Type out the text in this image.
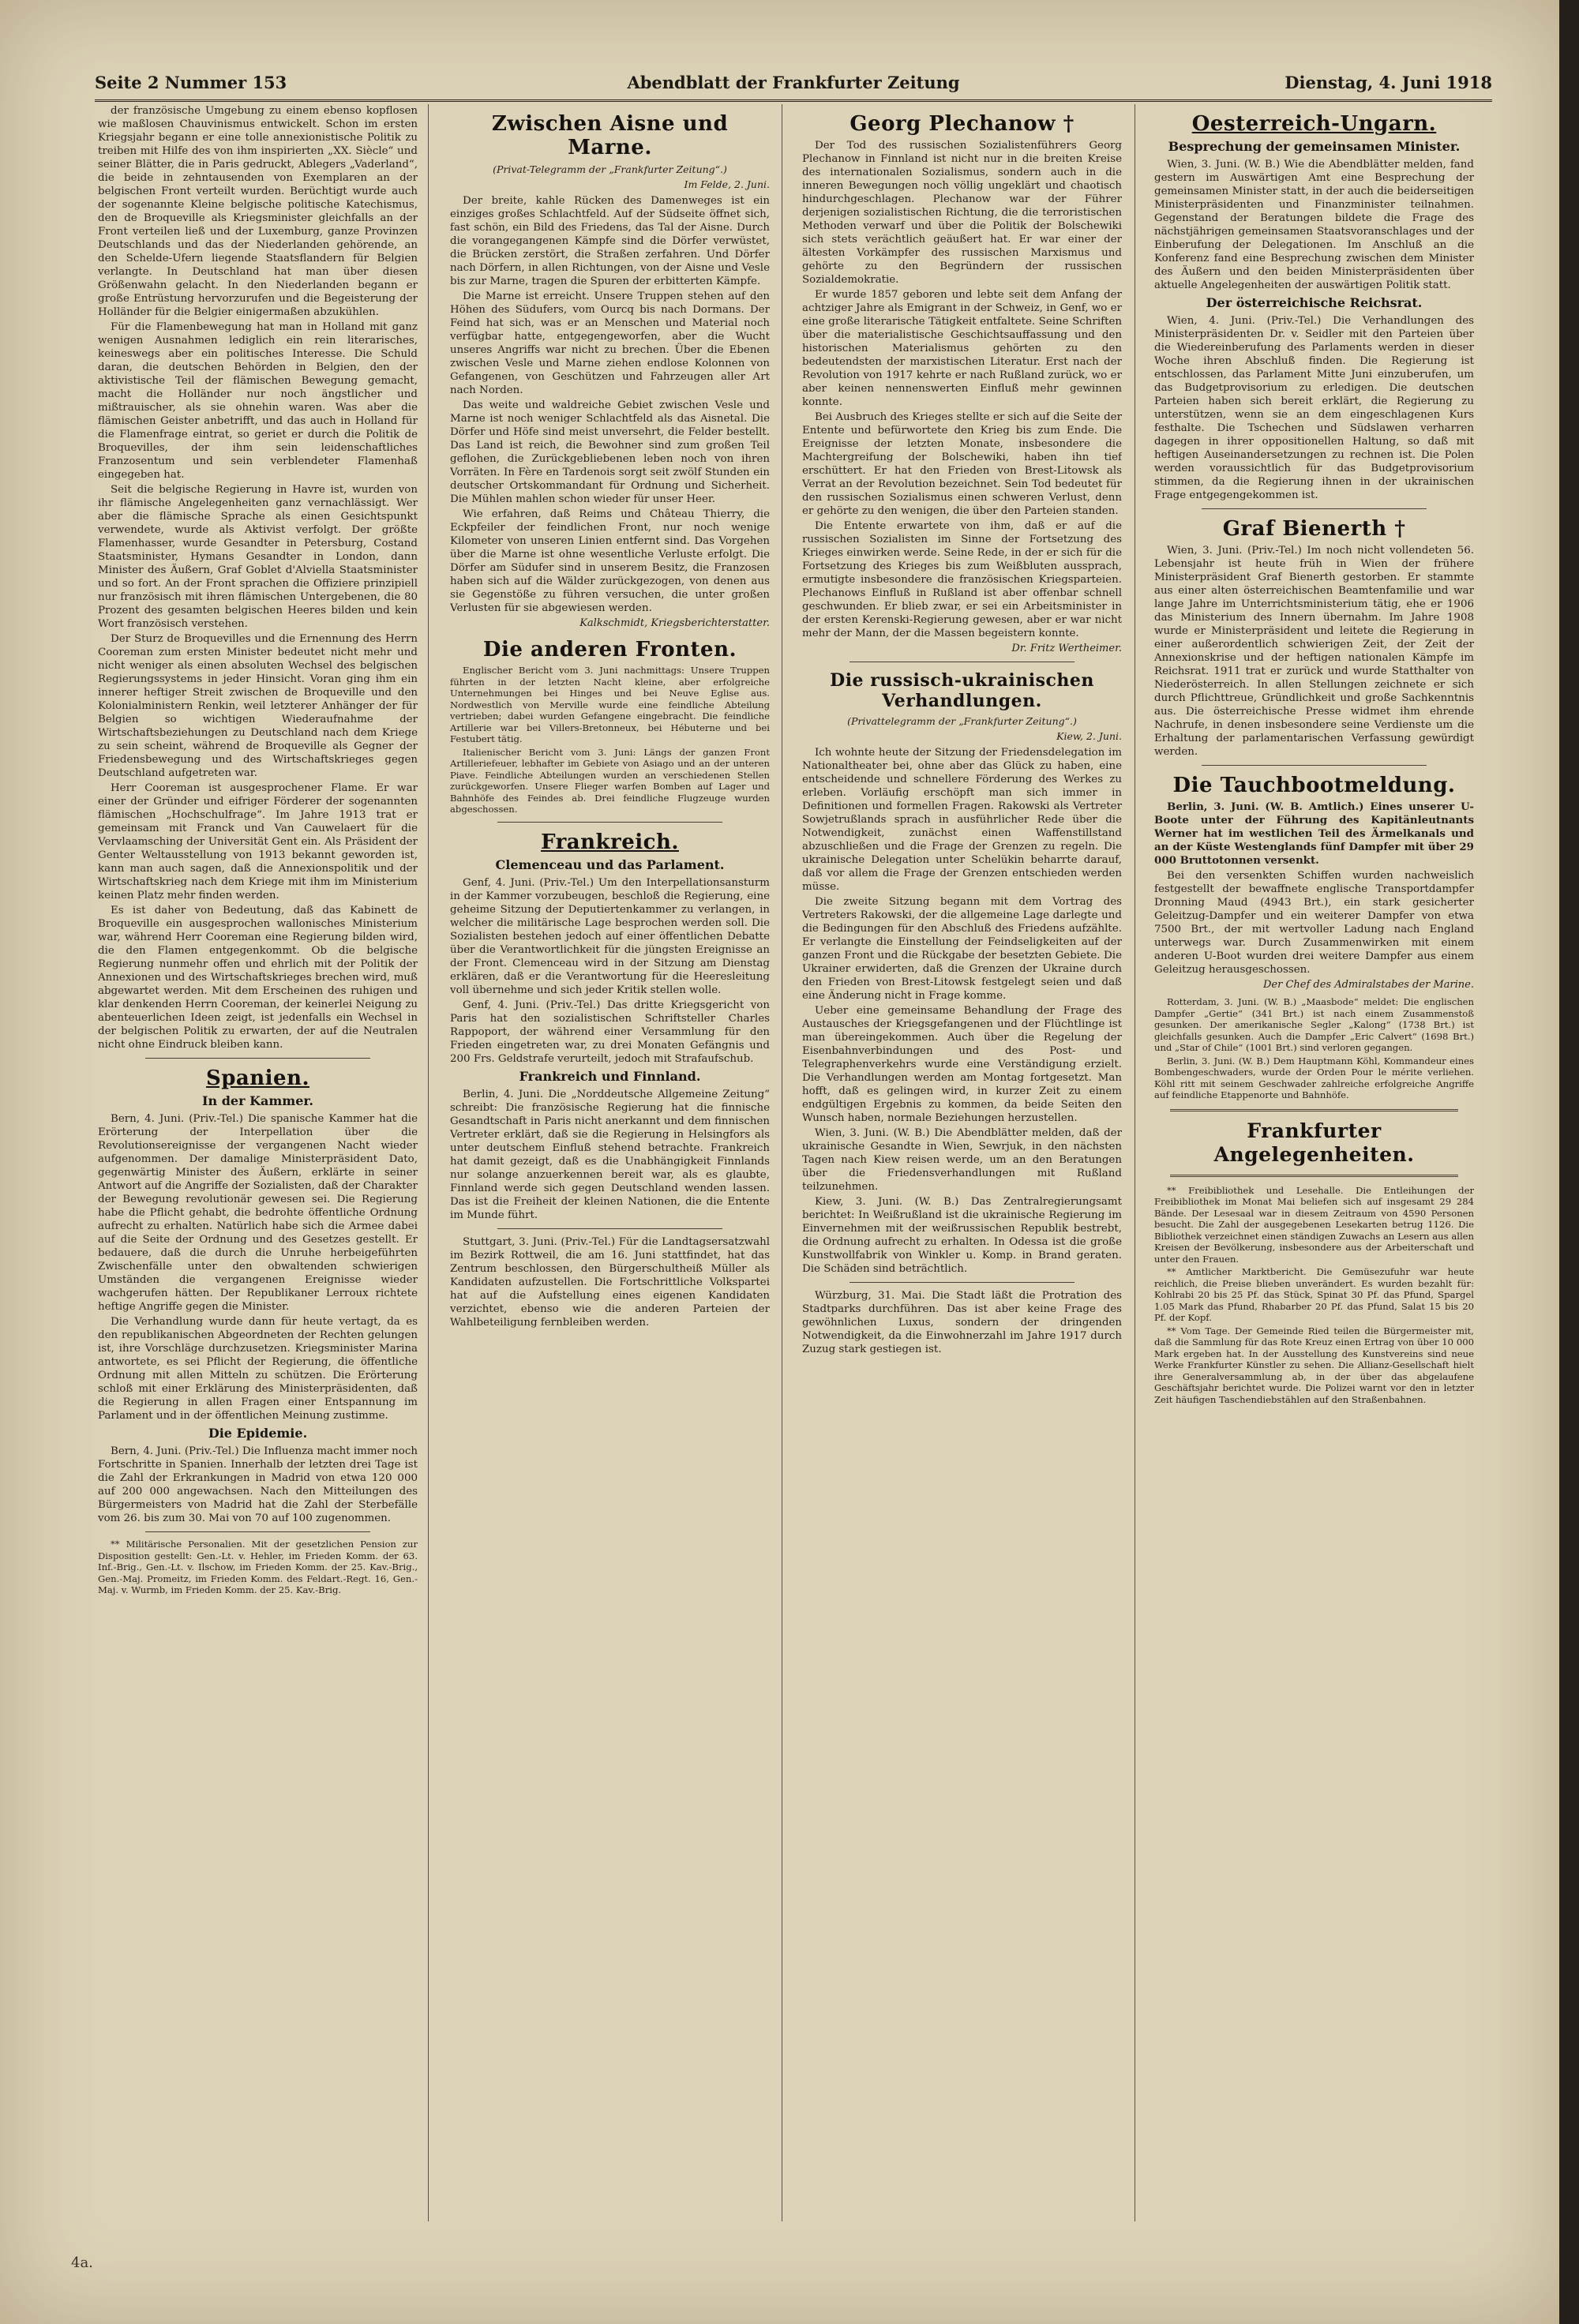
Seite 2 Nummer 153	Abendblatt der Frankfurter Zeitung	Dienstag, 4. Juni 1918

der französische Umgebung zu einem ebenso kopflosen wie maßlosen Chauvinismus entwickelt. Schon im ersten Kriegsjahr begann er eine tolle annexionistische Politik zu treiben mit Hilfe des von ihm inspirierten „XX. Siècle“ und seiner Blätter, die in Paris gedruckt, Ablegers „Vaderland“, die beide in zehntausenden von Exemplaren an der belgischen Front verteilt wurden. Berüchtigt wurde auch der sogenannte Kleine belgische politische Katechismus, den de Broqueville als Kriegsminister gleichfalls an der Front verteilen ließ und der Luxemburg, ganze Provinzen Deutschlands und das der Niederlanden gehörende, an den Schelde-Ufern liegende Staatsflandern für Belgien verlangte. In Deutschland hat man über diesen Größenwahn gelacht. In den Niederlanden begann er große Entrüstung hervorzurufen und die Begeisterung der Holländer für die Belgier einigermaßen abzukühlen.

Für die Flamenbewegung hat man in Holland mit ganz wenigen Ausnahmen lediglich ein rein literarisches, keineswegs aber ein politisches Interesse. Die Schuld daran, die deutschen Behörden in Belgien, den der aktivistische Teil der flämischen Bewegung gemacht, macht die Holländer nur noch ängstlicher und mißtrauischer, als sie ohnehin waren. Was aber die flämischen Geister anbetrifft, und das auch in Holland für die Flamenfrage eintrat, so geriet er durch die Politik de Broquevilles, der ihm sein leidenschaftliches Franzosentum und sein verblendeter Flamenhaß eingegeben hat.

Seit die belgische Regierung in Havre ist, wurden von ihr flämische Angelegenheiten ganz vernachlässigt. Wer aber die flämische Sprache als einen Gesichtspunkt verwendete, wurde als Aktivist verfolgt. Der größte Flamenhasser, wurde Gesandter in Petersburg, Costand Staatsminister, Hymans Gesandter in London, dann Minister des Äußern, Graf Goblet d'Alviella Staatsminister und so fort. An der Front sprachen die Offiziere prinzipiell nur französisch mit ihren flämischen Untergebenen, die 80 Prozent des gesamten belgischen Heeres bilden und kein Wort französisch verstehen.

Der Sturz de Broquevilles und die Ernennung des Herrn Cooreman zum ersten Minister bedeutet nicht mehr und nicht weniger als einen absoluten Wechsel des belgischen Regierungssystems in jeder Hinsicht. Voran ging ihm ein innerer heftiger Streit zwischen de Broqueville und den Kolonialministern Renkin, weil letzterer Anhänger der für Belgien so wichtigen Wiederaufnahme der Wirtschaftsbeziehungen zu Deutschland nach dem Kriege zu sein scheint, während de Broqueville als Gegner der Friedensbewegung und des Wirtschaftskrieges gegen Deutschland aufgetreten war.

Herr Cooreman ist ausgesprochener Flame. Er war einer der Gründer und eifriger Förderer der sogenannten flämischen „Hochschulfrage“. Im Jahre 1913 trat er gemeinsam mit Franck und Van Cauwelaert für die Vervlaamsching der Universität Gent ein. Als Präsident der Genter Weltausstellung von 1913 bekannt geworden ist, kann man auch sagen, daß die Annexionspolitik und der Wirtschaftskrieg nach dem Kriege mit ihm im Ministerium keinen Platz mehr finden werden.

Es ist daher von Bedeutung, daß das Kabinett de Broqueville ein ausgesprochen wallonisches Ministerium war, während Herr Cooreman eine Regierung bilden wird, die den Flamen entgegenkommt. Ob die belgische Regierung nunmehr offen und ehrlich mit der Politik der Annexionen und des Wirtschaftskrieges brechen wird, muß abgewartet werden. Mit dem Erscheinen des ruhigen und klar denkenden Herrn Cooreman, der keinerlei Neigung zu abenteuerlichen Ideen zeigt, ist jedenfalls ein Wechsel in der belgischen Politik zu erwarten, der auf die Neutralen nicht ohne Eindruck bleiben kann.

Spanien.
In der Kammer.

Bern, 4. Juni. (Priv.-Tel.) Die spanische Kammer hat die Erörterung der Interpellation über die Revolutionsereignisse der vergangenen Nacht wieder aufgenommen. Der damalige Ministerpräsident Dato, gegenwärtig Minister des Äußern, erklärte in seiner Antwort auf die Angriffe der Sozialisten, daß der Charakter der Bewegung revolutionär gewesen sei. Die Regierung habe die Pflicht gehabt, die bedrohte öffentliche Ordnung aufrecht zu erhalten. Natürlich habe sich die Armee dabei auf die Seite der Ordnung und des Gesetzes gestellt. Er bedauere, daß die durch die Unruhe herbeigeführten Zwischenfälle unter den obwaltenden schwierigen Umständen die vergangenen Ereignisse wieder wachgerufen hätten. Der Republikaner Lerroux richtete heftige Angriffe gegen die Minister.

Die Verhandlung wurde dann für heute vertagt, da es den republikanischen Abgeordneten der Rechten gelungen ist, ihre Vorschläge durchzusetzen. Kriegsminister Marina antwortete, es sei Pflicht der Regierung, die öffentliche Ordnung mit allen Mitteln zu schützen. Die Erörterung schloß mit einer Erklärung des Ministerpräsidenten, daß die Regierung in allen Fragen einer Entspannung im Parlament und in der öffentlichen Meinung zustimme.

Die Epidemie.

Bern, 4. Juni. (Priv.-Tel.) Die Influenza macht immer noch Fortschritte in Spanien. Innerhalb der letzten drei Tage ist die Zahl der Erkrankungen in Madrid von etwa 120 000 auf 200 000 angewachsen. Nach den Mitteilungen des Bürgermeisters von Madrid hat die Zahl der Sterbefälle vom 26. bis zum 30. Mai von 70 auf 100 zugenommen.

** Militärische Personalien. Mit der gesetzlichen Pension zur Disposition gestellt: Gen.-Lt. v. Hehler, im Frieden Komm. der 63. Inf.-Brig., Gen.-Lt. v. Ilschow, im Frieden Komm. der 25. Kav.-Brig., Gen.-Maj. Promeitz, im Frieden Komm. des Feldart.-Regt. 16, Gen.-Maj. v. Wurmb, im Frieden Komm. der 25. Kav.-Brig.

Zwischen Aisne und Marne.
(Privat-Telegramm der „Frankfurter Zeitung“.)
Im Felde, 2. Juni.

Der breite, kahle Rücken des Damenweges ist ein einziges großes Schlachtfeld. Auf der Südseite öffnet sich, fast schön, ein Bild des Friedens, das Tal der Aisne. Durch die vorangegangenen Kämpfe sind die Dörfer verwüstet, die Brücken zerstört, die Straßen zerfahren. Und Dörfer nach Dörfern, in allen Richtungen, von der Aisne und Vesle bis zur Marne, tragen die Spuren der erbitterten Kämpfe.

Die Marne ist erreicht. Unsere Truppen stehen auf den Höhen des Südufers, vom Ourcq bis nach Dormans. Der Feind hat sich, was er an Menschen und Material noch verfügbar hatte, entgegengeworfen, aber die Wucht unseres Angriffs war nicht zu brechen. Über die Ebenen zwischen Vesle und Marne ziehen endlose Kolonnen von Gefangenen, von Geschützen und Fahrzeugen aller Art nach Norden.

Das weite und waldreiche Gebiet zwischen Vesle und Marne ist noch weniger Schlachtfeld als das Aisnetal. Die Dörfer und Höfe sind meist unversehrt, die Felder bestellt. Das Land ist reich, die Bewohner sind zum großen Teil geflohen, die Zurückgebliebenen leben noch von ihren Vorräten. In Fère en Tardenois sorgt seit zwölf Stunden ein deutscher Ortskommandant für Ordnung und Sicherheit. Die Mühlen mahlen schon wieder für unser Heer.

Wie erfahren, daß Reims und Château Thierry, die Eckpfeiler der feindlichen Front, nur noch wenige Kilometer von unseren Linien entfernt sind. Das Vorgehen über die Marne ist ohne wesentliche Verluste erfolgt. Die Dörfer am Südufer sind in unserem Besitz, die Franzosen haben sich auf die Wälder zurückgezogen, von denen aus sie Gegenstöße zu führen versuchen, die unter großen Verlusten für sie abgewiesen werden.

Kalkschmidt, Kriegsberichterstatter.
Die anderen Fronten.

Englischer Bericht vom 3. Juni nachmittags: Unsere Truppen führten in der letzten Nacht kleine, aber erfolgreiche Unternehmungen bei Hinges und bei Neuve Eglise aus. Nordwestlich von Merville wurde eine feindliche Abteilung vertrieben; dabei wurden Gefangene eingebracht. Die feindliche Artillerie war bei Villers-Bretonneux, bei Hébuterne und bei Festubert tätig.

Italienischer Bericht vom 3. Juni: Längs der ganzen Front Artilleriefeuer, lebhafter im Gebiete von Asiago und an der unteren Piave. Feindliche Abteilungen wurden an verschiedenen Stellen zurückgeworfen. Unsere Flieger warfen Bomben auf Lager und Bahnhöfe des Feindes ab. Drei feindliche Flugzeuge wurden abgeschossen.

Frankreich.
Clemenceau und das Parlament.

Genf, 4. Juni. (Priv.-Tel.) Um den Interpellationsansturm in der Kammer vorzubeugen, beschloß die Regierung, eine geheime Sitzung der Deputiertenkammer zu verlangen, in welcher die militärische Lage besprochen werden soll. Die Sozialisten bestehen jedoch auf einer öffentlichen Debatte über die Verantwortlichkeit für die jüngsten Ereignisse an der Front. Clemenceau wird in der Sitzung am Dienstag erklären, daß er die Verantwortung für die Heeresleitung voll übernehme und sich jeder Kritik stellen wolle.

Genf, 4. Juni. (Priv.-Tel.) Das dritte Kriegsgericht von Paris hat den sozialistischen Schriftsteller Charles Rappoport, der während einer Versammlung für den Frieden eingetreten war, zu drei Monaten Gefängnis und 200 Frs. Geldstrafe verurteilt, jedoch mit Strafaufschub.

Frankreich und Finnland.

Berlin, 4. Juni. Die „Norddeutsche Allgemeine Zeitung“ schreibt: Die französische Regierung hat die finnische Gesandtschaft in Paris nicht anerkannt und dem finnischen Vertreter erklärt, daß sie die Regierung in Helsingfors als unter deutschem Einfluß stehend betrachte. Frankreich hat damit gezeigt, daß es die Unabhängigkeit Finnlands nur solange anzuerkennen bereit war, als es glaubte, Finnland werde sich gegen Deutschland wenden lassen. Das ist die Freiheit der kleinen Nationen, die die Entente im Munde führt.

Stuttgart, 3. Juni. (Priv.-Tel.) Für die Landtagsersatzwahl im Bezirk Rottweil, die am 16. Juni stattfindet, hat das Zentrum beschlossen, den Bürgerschultheiß Müller als Kandidaten aufzustellen. Die Fortschrittliche Volkspartei hat auf die Aufstellung eines eigenen Kandidaten verzichtet, ebenso wie die anderen Parteien der Wahlbeteiligung fernbleiben werden.

Georg Plechanow †

Der Tod des russischen Sozialistenführers Georg Plechanow in Finnland ist nicht nur in die breiten Kreise des internationalen Sozialismus, sondern auch in die inneren Bewegungen noch völlig ungeklärt und chaotisch hindurchgeschlagen. Plechanow war der Führer derjenigen sozialistischen Richtung, die die terroristischen Methoden verwarf und über die Politik der Bolschewiki sich stets verächtlich geäußert hat. Er war einer der ältesten Vorkämpfer des russischen Marxismus und gehörte zu den Begründern der russischen Sozialdemokratie.

Er wurde 1857 geboren und lebte seit dem Anfang der achtziger Jahre als Emigrant in der Schweiz, in Genf, wo er eine große literarische Tätigkeit entfaltete. Seine Schriften über die materialistische Geschichtsauffassung und den historischen Materialismus gehörten zu den bedeutendsten der marxistischen Literatur. Erst nach der Revolution von 1917 kehrte er nach Rußland zurück, wo er aber keinen nennenswerten Einfluß mehr gewinnen konnte.

Bei Ausbruch des Krieges stellte er sich auf die Seite der Entente und befürwortete den Krieg bis zum Ende. Die Ereignisse der letzten Monate, insbesondere die Machtergreifung der Bolschewiki, haben ihn tief erschüttert. Er hat den Frieden von Brest-Litowsk als Verrat an der Revolution bezeichnet. Sein Tod bedeutet für den russischen Sozialismus einen schweren Verlust, denn er gehörte zu den wenigen, die über den Parteien standen.

Die Entente erwartete von ihm, daß er auf die russischen Sozialisten im Sinne der Fortsetzung des Krieges einwirken werde. Seine Rede, in der er sich für die Fortsetzung des Krieges bis zum Weißbluten aussprach, ermutigte insbesondere die französischen Kriegsparteien. Plechanows Einfluß in Rußland ist aber offenbar schnell geschwunden. Er blieb zwar, er sei ein Arbeitsminister in der ersten Kerenski-Regierung gewesen, aber er war nicht mehr der Mann, der die Massen begeistern konnte.

Dr. Fritz Wertheimer.
Die russisch-ukrainischen Verhandlungen.
(Privattelegramm der „Frankfurter Zeitung“.)
Kiew, 2. Juni.

Ich wohnte heute der Sitzung der Friedensdelegation im Nationaltheater bei, ohne aber das Glück zu haben, eine entscheidende und schnellere Förderung des Werkes zu erleben. Vorläufig erschöpft man sich immer in Definitionen und formellen Fragen. Rakowski als Vertreter Sowjetrußlands sprach in ausführlicher Rede über die Notwendigkeit, zunächst einen Waffenstillstand abzuschließen und die Frage der Grenzen zu regeln. Die ukrainische Delegation unter Schelükin beharrte darauf, daß vor allem die Frage der Grenzen entschieden werden müsse.

Die zweite Sitzung begann mit dem Vortrag des Vertreters Rakowski, der die allgemeine Lage darlegte und die Bedingungen für den Abschluß des Friedens aufzählte. Er verlangte die Einstellung der Feindseligkeiten auf der ganzen Front und die Rückgabe der besetzten Gebiete. Die Ukrainer erwiderten, daß die Grenzen der Ukraine durch den Frieden von Brest-Litowsk festgelegt seien und daß eine Änderung nicht in Frage komme.

Ueber eine gemeinsame Behandlung der Frage des Austausches der Kriegsgefangenen und der Flüchtlinge ist man übereingekommen. Auch über die Regelung der Eisenbahnverbindungen und des Post- und Telegraphenverkehrs wurde eine Verständigung erzielt. Die Verhandlungen werden am Montag fortgesetzt. Man hofft, daß es gelingen wird, in kurzer Zeit zu einem endgültigen Ergebnis zu kommen, da beide Seiten den Wunsch haben, normale Beziehungen herzustellen.

Wien, 3. Juni. (W. B.) Die Abendblätter melden, daß der ukrainische Gesandte in Wien, Sewrjuk, in den nächsten Tagen nach Kiew reisen werde, um an den Beratungen über die Friedensverhandlungen mit Rußland teilzunehmen.

Kiew, 3. Juni. (W. B.) Das Zentralregierungsamt berichtet: In Weißrußland ist die ukrainische Regierung im Einvernehmen mit der weißrussischen Republik bestrebt, die Ordnung aufrecht zu erhalten. In Odessa ist die große Kunstwollfabrik von Winkler u. Komp. in Brand geraten. Die Schäden sind beträchtlich.

Würzburg, 31. Mai. Die Stadt läßt die Protration des Stadtparks durchführen. Das ist aber keine Frage des gewöhnlichen Luxus, sondern der dringenden Notwendigkeit, da die Einwohnerzahl im Jahre 1917 durch Zuzug stark gestiegen ist.

Oesterreich-Ungarn.
Besprechung der gemeinsamen Minister.

Wien, 3. Juni. (W. B.) Wie die Abendblätter melden, fand gestern im Auswärtigen Amt eine Besprechung der gemeinsamen Minister statt, in der auch die beiderseitigen Ministerpräsidenten und Finanzminister teilnahmen. Gegenstand der Beratungen bildete die Frage des nächstjährigen gemeinsamen Staatsvoranschlages und der Einberufung der Delegationen. Im Anschluß an die Konferenz fand eine Besprechung zwischen dem Minister des Äußern und den beiden Ministerpräsidenten über aktuelle Angelegenheiten der auswärtigen Politik statt.

Der österreichische Reichsrat.

Wien, 4. Juni. (Priv.-Tel.) Die Verhandlungen des Ministerpräsidenten Dr. v. Seidler mit den Parteien über die Wiedereinberufung des Parlaments werden in dieser Woche ihren Abschluß finden. Die Regierung ist entschlossen, das Parlament Mitte Juni einzuberufen, um das Budgetprovisorium zu erledigen. Die deutschen Parteien haben sich bereit erklärt, die Regierung zu unterstützen, wenn sie an dem eingeschlagenen Kurs festhalte. Die Tschechen und Südslawen verharren dagegen in ihrer oppositionellen Haltung, so daß mit heftigen Auseinandersetzungen zu rechnen ist. Die Polen werden voraussichtlich für das Budgetprovisorium stimmen, da die Regierung ihnen in der ukrainischen Frage entgegengekommen ist.

Graf Bienerth †

Wien, 3. Juni. (Priv.-Tel.) Im noch nicht vollendeten 56. Lebensjahr ist heute früh in Wien der frühere Ministerpräsident Graf Bienerth gestorben. Er stammte aus einer alten österreichischen Beamtenfamilie und war lange Jahre im Unterrichtsministerium tätig, ehe er 1906 das Ministerium des Innern übernahm. Im Jahre 1908 wurde er Ministerpräsident und leitete die Regierung in einer außerordentlich schwierigen Zeit, der Zeit der Annexionskrise und der heftigen nationalen Kämpfe im Reichsrat. 1911 trat er zurück und wurde Statthalter von Niederösterreich. In allen Stellungen zeichnete er sich durch Pflichttreue, Gründlichkeit und große Sachkenntnis aus. Die österreichische Presse widmet ihm ehrende Nachrufe, in denen insbesondere seine Verdienste um die Erhaltung der parlamentarischen Verfassung gewürdigt werden.

Die Tauchbootmeldung.

Berlin, 3. Juni. (W. B. Amtlich.) Eines unserer U-Boote unter der Führung des Kapitänleutnants Werner hat im westlichen Teil des Ärmelkanals und an der Küste Westenglands fünf Dampfer mit über 29 000 Bruttotonnen versenkt.

Bei den versenkten Schiffen wurden nachweislich festgestellt der bewaffnete englische Transportdampfer Dronning Maud (4943 Brt.), ein stark gesicherter Geleitzug-Dampfer und ein weiterer Dampfer von etwa 7500 Brt., der mit wertvoller Ladung nach England unterwegs war. Durch Zusammenwirken mit einem anderen U-Boot wurden drei weitere Dampfer aus einem Geleitzug herausgeschossen.

Der Chef des Admiralstabes der Marine.

Rotterdam, 3. Juni. (W. B.) „Maasbode“ meldet: Die englischen Dampfer „Gertie“ (341 Brt.) ist nach einem Zusammenstoß gesunken. Der amerikanische Segler „Kalong“ (1738 Brt.) ist gleichfalls gesunken. Auch die Dampfer „Eric Calvert“ (1698 Brt.) und „Star of Chile“ (1001 Brt.) sind verloren gegangen.

Berlin, 3. Juni. (W. B.) Dem Hauptmann Köhl, Kommandeur eines Bombengeschwaders, wurde der Orden Pour le mérite verliehen. Köhl ritt mit seinem Geschwader zahlreiche erfolgreiche Angriffe auf feindliche Etappenorte und Bahnhöfe.

Frankfurter Angelegenheiten.

** Freibibliothek und Lesehalle. Die Entleihungen der Freibibliothek im Monat Mai beliefen sich auf insgesamt 29 284 Bände. Der Lesesaal war in diesem Zeitraum von 4590 Personen besucht. Die Zahl der ausgegebenen Lesekarten betrug 1126. Die Bibliothek verzeichnet einen ständigen Zuwachs an Lesern aus allen Kreisen der Bevölkerung, insbesondere aus der Arbeiterschaft und unter den Frauen.

** Amtlicher Marktbericht. Die Gemüsezufuhr war heute reichlich, die Preise blieben unverändert. Es wurden bezahlt für: Kohlrabi 20 bis 25 Pf. das Stück, Spinat 30 Pf. das Pfund, Spargel 1.05 Mark das Pfund, Rhabarber 20 Pf. das Pfund, Salat 15 bis 20 Pf. der Kopf.

** Vom Tage. Der Gemeinde Ried teilen die Bürgermeister mit, daß die Sammlung für das Rote Kreuz einen Ertrag von über 10 000 Mark ergeben hat. In der Ausstellung des Kunstvereins sind neue Werke Frankfurter Künstler zu sehen. Die Allianz-Gesellschaft hielt ihre Generalversammlung ab, in der über das abgelaufene Geschäftsjahr berichtet wurde. Die Polizei warnt vor den in letzter Zeit häufigen Taschendiebstählen auf den Straßenbahnen.

4a.
